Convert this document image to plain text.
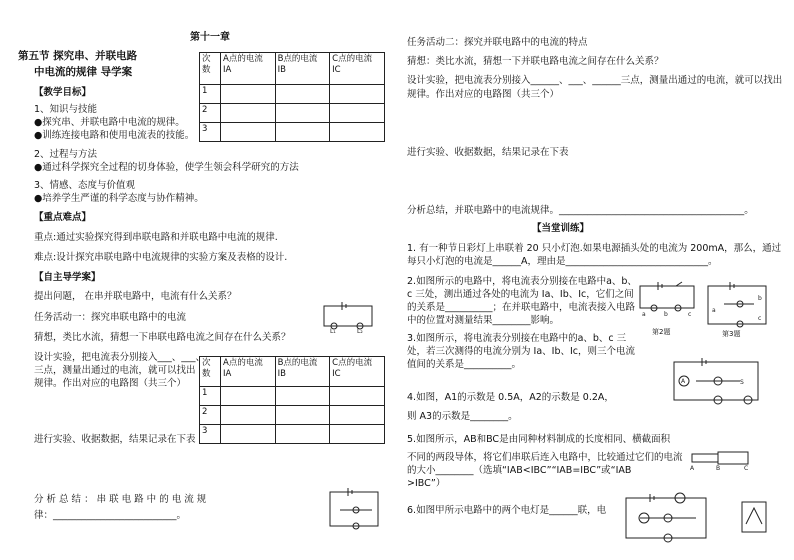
第十一章
第五节 探究串、并联电路
中电流的规律 导学案
次数	A点的电流 IA	B点的电流 IB	C点的电流 IC
1			
2			
3			
【教学目标】
1、知识与技能
●探究串、并联电路中电流的规律。
●训练连接电路和使用电流表的技能。
2、过程与方法
●通过科学探究全过程的切身体验，使学生领会科学研究的方法
3、情感、态度与价值观
●培养学生严谨的科学态度与协作精神。
【重点难点】
重点:通过实验探究得到串联电路和并联电路中电流的规律.
难点:设计探究串联电路中电流规律的实验方案及表格的设计.
【自主导学案】
提出问题， 在串并联电路中，电流有什么关系？
任务活动一：探究串联电路中的电流
L₁	L₂
猜想，类比水流，猜想一下串联电路电流之间存在什么关系？
次数	A点的电流 IA	B点的电流 IB	C点的电流 IC
1			
2			
3			
设计实验，把电流表分别接入___、___、
三点，测量出通过的电流，就可以找出
规律。作出对应的电路图（共三个）
进行实验、收据数据，结果记录在下表
分 析 总 结 ： 串 联 电 路 中 的 电 流 规
律：__________________________。
任务活动二：探究并联电路中的电流的特点
猜想：类比水流，猜想一下并联电路电流之间存在什么关系？
设计实验，把电流表分别接入______、___、______三点，测量出通过的电流，就可以找出
规律。作出对应的电路图（共三个）
进行实验、收据数据，结果记录在下表
分析总结，并联电路中的电流规律。_______________________________________。
【当堂训练】
1. 有一种节日彩灯上串联着 20 只小灯泡.如果电源插头处的电流为 200mA，那么，通过
每只小灯泡的电流是______A，理由是______________________________。
2.如图所示的电路中，将电流表分别接在电路中a、b、
c 三处，测出通过各处的电流为 Ia、Ib、Ic，它们之间
的关系是__________；在并联电路中，电流表接入电路
中的位置对测量结果________影响。
a	b	c
第2题
a
b
c
第3题
3.如图所示，将电流表分别接在电路中的a、b、c 三
处，若三次测得的电流分别为 Ia、Ib、Ic，则三个电流
值间的关系是__________。
A	S
4.如图，A1的示数是 0.5A，A2的示数是 0.2A，
则 A3的示数是________。
5.如图所示，AB和BC是由同种材料制成的长度相同、横截面积
不同的两段导体，将它们串联后连入电路中，比较通过它们的电流
的大小________（选填“IAB<IBC”“IAB=IBC”或“IAB
>IBC”）
A	B	C
6.如图甲所示电路中的两个电灯是______联，电
